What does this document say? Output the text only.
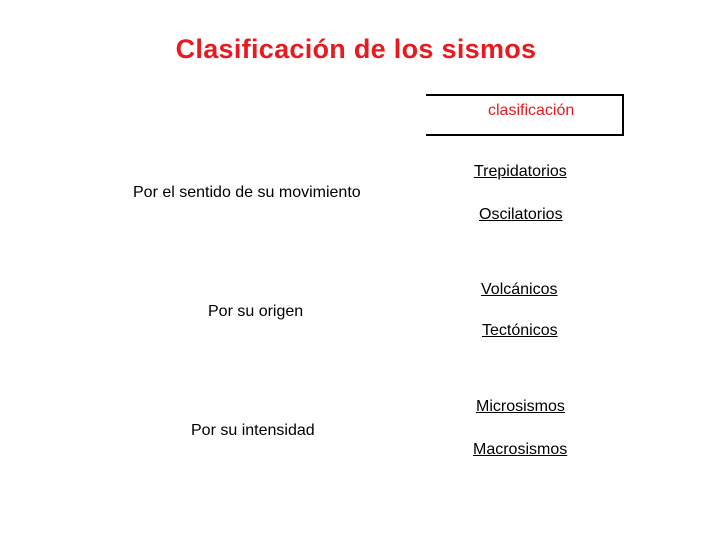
Clasificación de los sismos
clasificación
Por el sentido de su movimiento
Trepidatorios
Oscilatorios
Por su origen
Volcánicos
Tectónicos
Por su intensidad
Microsismos
Macrosismos
